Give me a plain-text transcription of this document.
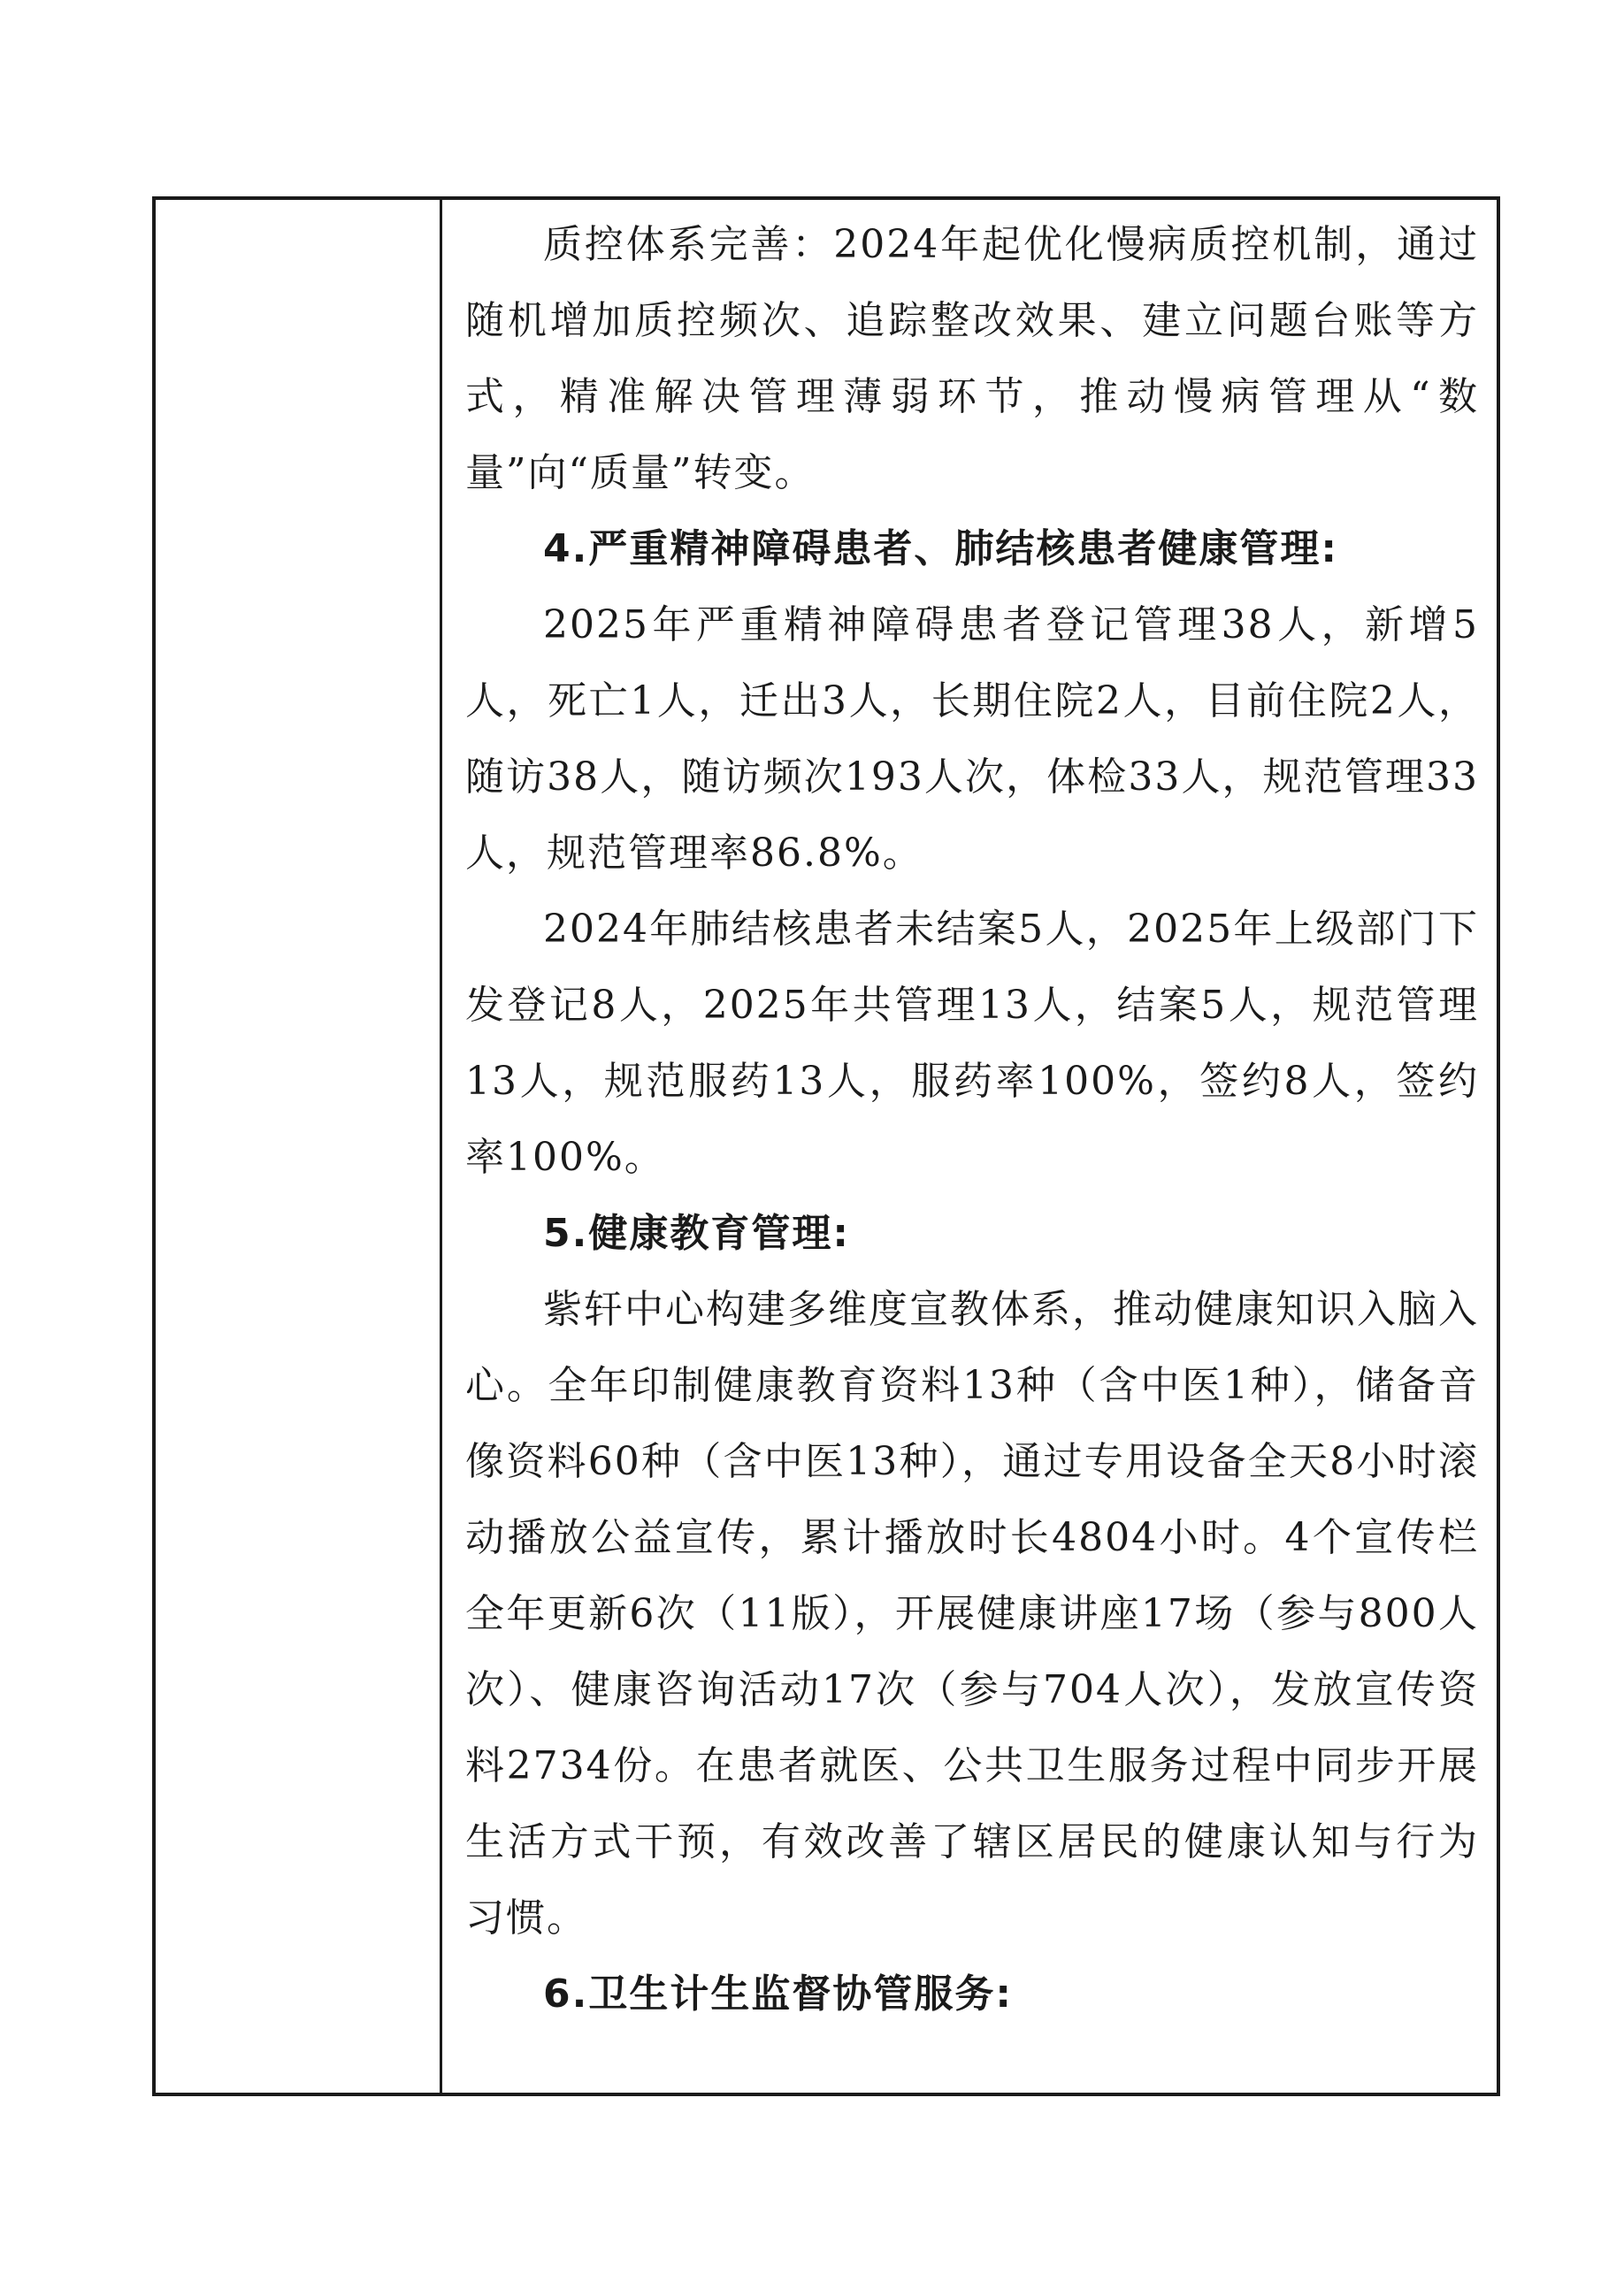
质控体系完善：2024年起优化慢病质控机制，通过随机增加质控频次、追踪整改效果、建立问题台账等方式，精准解决管理薄弱环节，推动慢病管理从“数量”向“质量”转变。

4.严重精神障碍患者、肺结核患者健康管理:

2025年严重精神障碍患者登记管理38人，新增5人，死亡1人，迁出3人，长期住院2人，目前住院2人，随访38人，随访频次193人次，体检33人，规范管理33人，规范管理率86.8%。

2024年肺结核患者未结案5人，2025年上级部门下发登记8人，2025年共管理13人，结案5人，规范管理13人，规范服药13人，服药率100%，签约8人，签约率100%。

5.健康教育管理:

紫轩中心构建多维度宣教体系，推动健康知识入脑入心。全年印制健康教育资料13种（含中医1种），储备音像资料60种（含中医13种），通过专用设备全天8小时滚动播放公益宣传，累计播放时长4804小时。4个宣传栏全年更新6次（11版），开展健康讲座17场（参与800人次）、健康咨询活动17次（参与704人次），发放宣传资料2734份。在患者就医、公共卫生服务过程中同步开展生活方式干预，有效改善了辖区居民的健康认知与行为习惯。

6.卫生计生监督协管服务:
